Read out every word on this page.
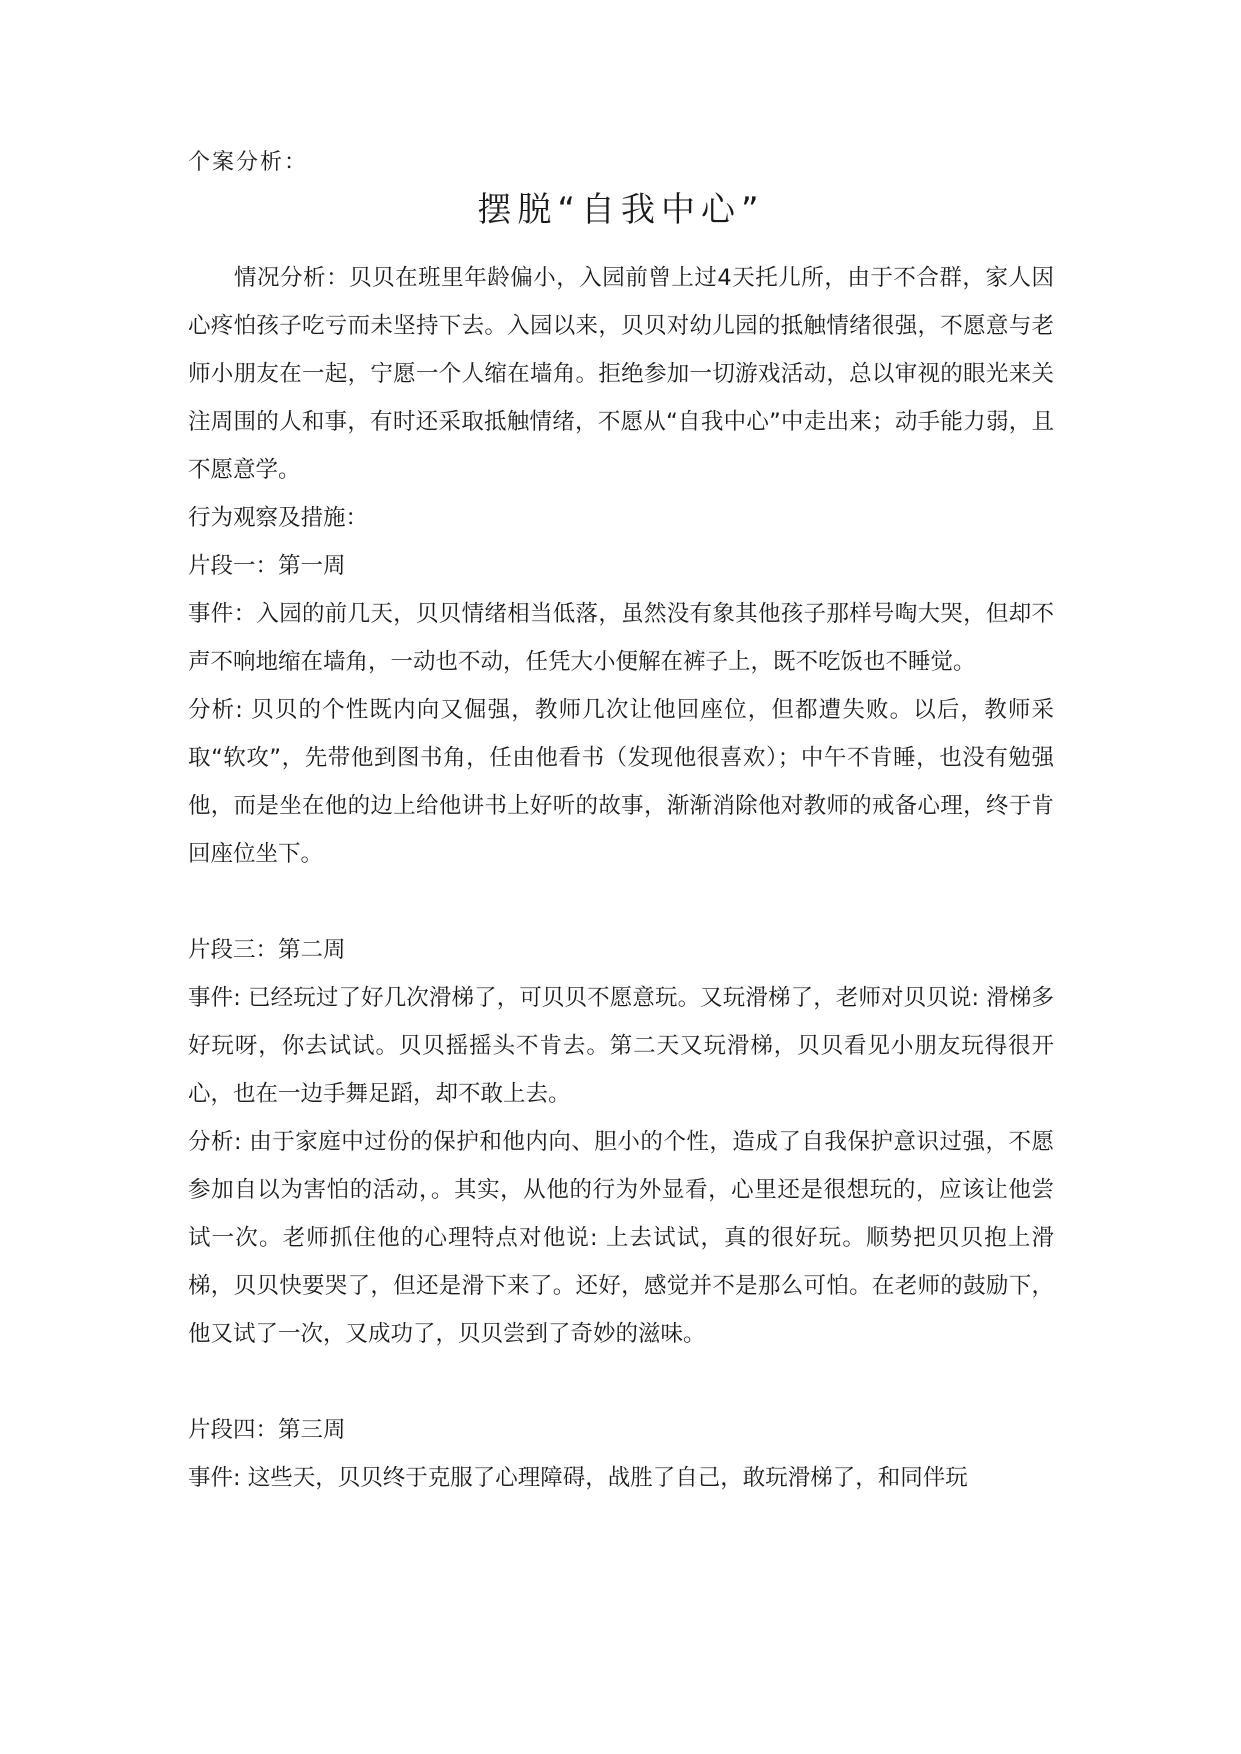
个案分析：
摆脱“自我中心”

情况分析：贝贝在班里年龄偏小，入园前曾上过4天托儿所，由于不合群，家人因心疼怕孩子吃亏而未坚持下去。入园以来，贝贝对幼儿园的抵触情绪很强，不愿意与老师小朋友在一起，宁愿一个人缩在墙角。拒绝参加一切游戏活动，总以审视的眼光来关注周围的人和事，有时还采取抵触情绪，不愿从“自我中心”中走出来；动手能力弱，且不愿意学。

行为观察及措施：

片段一：第一周

事件：入园的前几天，贝贝情绪相当低落，虽然没有象其他孩子那样号啕大哭，但却不声不响地缩在墙角，一动也不动，任凭大小便解在裤子上，既不吃饭也不睡觉。

分析: 贝贝的个性既内向又倔强，教师几次让他回座位，但都遭失败。以后，教师采取“软攻”，先带他到图书角，任由他看书（发现他很喜欢）；中午不肯睡，也没有勉强他，而是坐在他的边上给他讲书上好听的故事，渐渐消除他对教师的戒备心理，终于肯回座位坐下。

片段三：第二周

事件: 已经玩过了好几次滑梯了，可贝贝不愿意玩。又玩滑梯了，老师对贝贝说: 滑梯多好玩呀，你去试试。贝贝摇摇头不肯去。第二天又玩滑梯，贝贝看见小朋友玩得很开心，也在一边手舞足蹈，却不敢上去。

分析: 由于家庭中过份的保护和他内向、胆小的个性，造成了自我保护意识过强，不愿参加自以为害怕的活动，。其实，从他的行为外显看，心里还是很想玩的，应该让他尝试一次。老师抓住他的心理特点对他说: 上去试试，真的很好玩。顺势把贝贝抱上滑梯，贝贝快要哭了，但还是滑下来了。还好，感觉并不是那么可怕。在老师的鼓励下，他又试了一次，又成功了，贝贝尝到了奇妙的滋味。

片段四：第三周

事件: 这些天，贝贝终于克服了心理障碍，战胜了自己，敢玩滑梯了，和同伴玩
